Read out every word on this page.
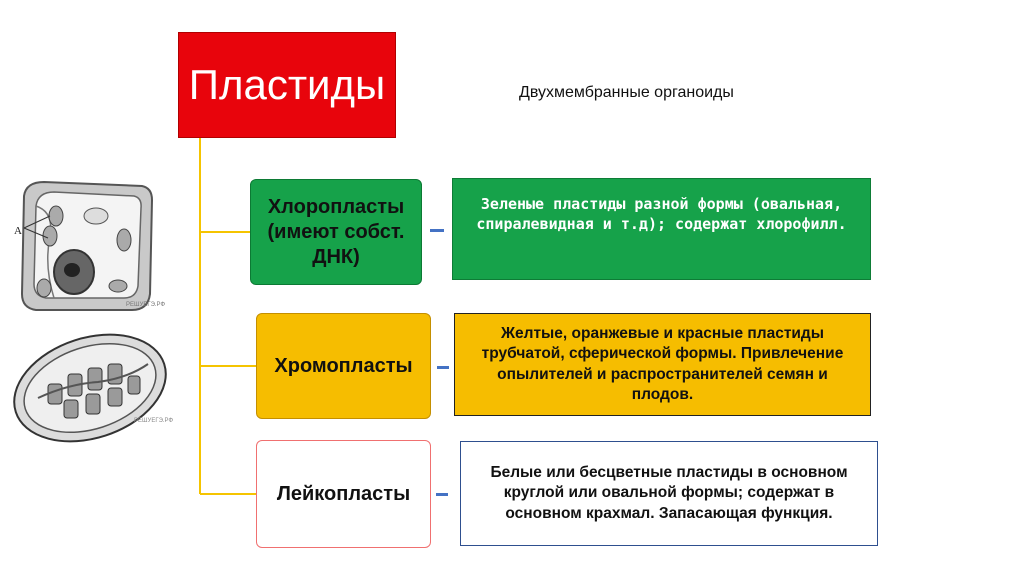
Пластиды	Двухмембранные органоиды
Хлоропласты (имеют собст. ДНК)
Хромопласты
Лейкопласты
Зеленые пластиды разной формы (овальная, спиралевидная и т.д); содержат хлорофилл.
Желтые, оранжевые и красные пластиды трубчатой, сферической формы. Привлечение опылителей и распространителей семян и плодов.
Белые или бесцветные пластиды в основном круглой или овальной формы; содержат в основном крахмал. Запасающая функция.
А
РЕШУЕГЭ.РФ
РЕШУЕГЭ.РФ
